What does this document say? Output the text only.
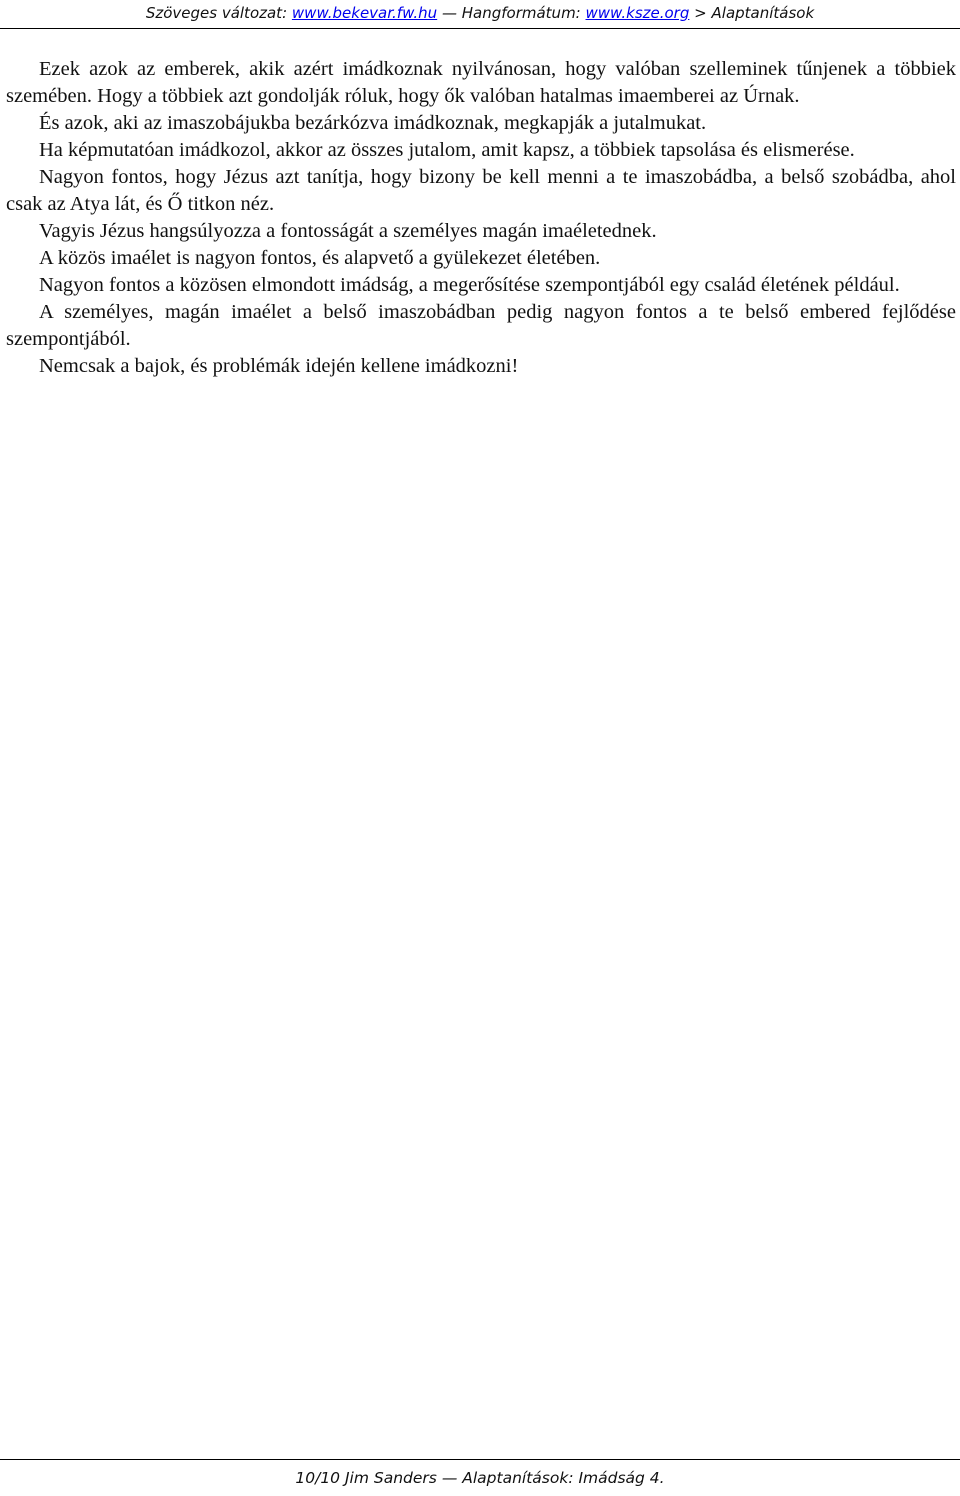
Szöveges változat: www.bekevar.fw.hu — Hangformátum: www.ksze.org > Alaptanítások

Ezek azok az emberek, akik azért imádkoznak nyilvánosan, hogy valóban szelleminek tűnjenek a többiek szemében. Hogy a többiek azt gondolják róluk, hogy ők valóban hatalmas imaemberei az Úrnak.

És azok, aki az imaszobájukba bezárkózva imádkoznak, megkapják a jutalmukat.

Ha képmutatóan imádkozol, akkor az összes jutalom, amit kapsz, a többiek tapsolása és elismerése.

Nagyon fontos, hogy Jézus azt tanítja, hogy bizony be kell menni a te imaszobádba, a belső szobádba, ahol csak az Atya lát, és Ő titkon néz.

Vagyis Jézus hangsúlyozza a fontosságát a személyes magán imaéletednek.

A közös imaélet is nagyon fontos, és alapvető a gyülekezet életében.

Nagyon fontos a közösen elmondott imádság, a megerősítése szempontjából egy család életének például.

A személyes, magán imaélet a belső imaszobádban pedig nagyon fontos a te belső embered fejlődése szempontjából.

Nemcsak a bajok, és problémák idején kellene imádkozni!

10/10 Jim Sanders — Alaptanítások: Imádság 4.
